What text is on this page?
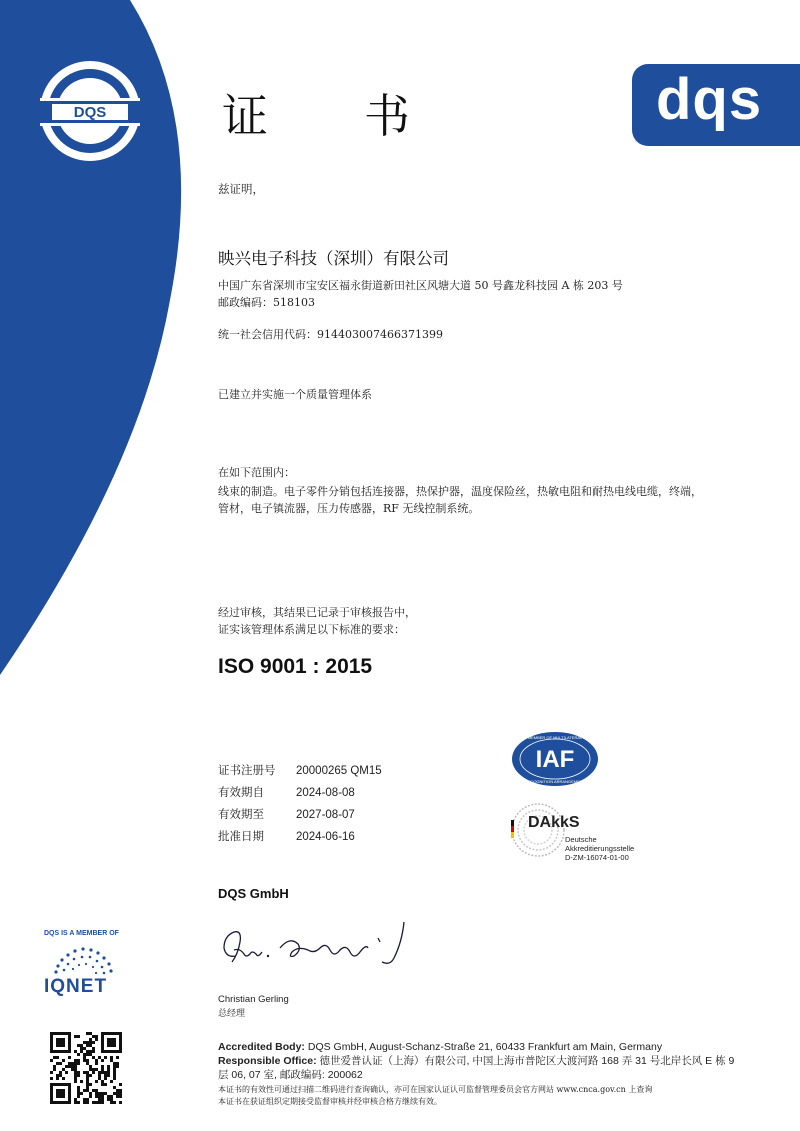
DQS	证 书	dqs
兹证明，
映兴电子科技（深圳）有限公司
中国广东省深圳市宝安区福永街道新田社区风塘大道 50 号鑫龙科技园 A 栋 203 号
邮政编码：518103
统一社会信用代码：914403007466371399
已建立并实施一个质量管理体系
在如下范围内：
线束的制造。电子零件分销包括连接器，热保护器，温度保险丝，热敏电阻和耐热电线电缆，终端，
管材，电子镇流器，压力传感器，RF 无线控制系统。
经过审核，其结果已记录于审核报告中，
证实该管理体系满足以下标准的要求：
ISO 9001 : 2015
证书注册号 20000265 QM15
有效期自	2024-08-08
有效期至	2027-08-07
批准日期	2024-06-16
IAF
MEMBER OF MULTILATERAL
RECOGNITION ARRANGEMENT
DAkkS
Deutsche
Akkreditierungsstelle
D-ZM-16074-01-00
DQS GmbH
Christian Gerling
总经理
DQS IS A MEMBER OF
IQNET
Accredited Body: DQS GmbH, August-Schanz-Straße 21, 60433 Frankfurt am Main, Germany
Responsible Office: 德世爱普认证（上海）有限公司, 中国上海市普陀区大渡河路 168 弄 31 号北岸长风 E 栋 9
层 06, 07 室, 邮政编码: 200062
本证书的有效性可通过扫描二维码进行查询确认，亦可在国家认证认可监督管理委员会官方网站 www.cnca.gov.cn 上查询
本证书在获证组织定期接受监督审核并经审核合格方继续有效。
